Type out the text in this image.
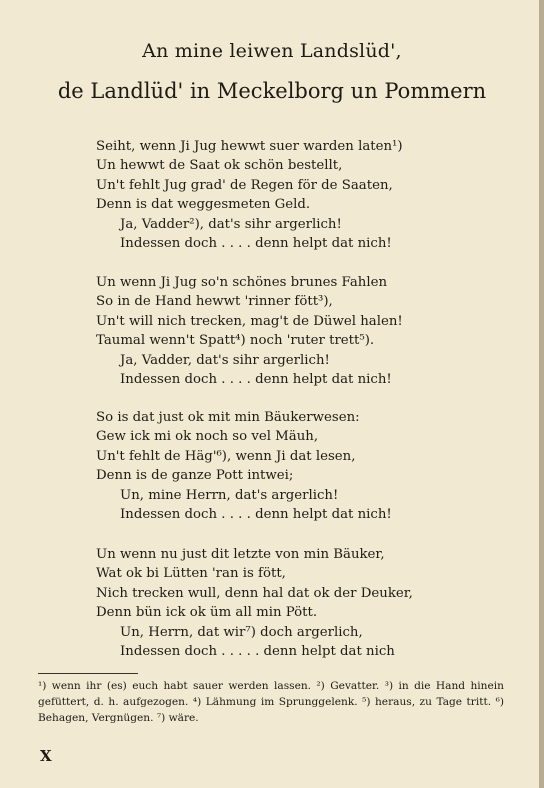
An mine leiwen Landslüd',
de Landlüd' in Meckelborg un Pommern
Seiht, wenn Ji Jug hewwt suer warden laten¹)
Un hewwt de Saat ok schön bestellt,
Un't fehlt Jug grad' de Regen för de Saaten,
Denn is dat weggesmeten Geld.
Ja, Vadder²), dat's sihr argerlich!
Indessen doch . . . . denn helpt dat nich!
Un wenn Ji Jug so'n schönes brunes Fahlen
So in de Hand hewwt 'rinner fött³),
Un't will nich trecken, mag't de Düwel halen!
Taumal wenn't Spatt⁴) noch 'ruter trett⁵).
Ja, Vadder, dat's sihr argerlich!
Indessen doch . . . . denn helpt dat nich!
So is dat just ok mit min Bäukerwesen:
Gew ick mi ok noch so vel Mäuh,
Un't fehlt de Häg'⁶), wenn Ji dat lesen,
Denn is de ganze Pott intwei;
Un, mine Herrn, dat's argerlich!
Indessen doch . . . . denn helpt dat nich!
Un wenn nu just dit letzte von min Bäuker,
Wat ok bi Lütten 'ran is fött,
Nich trecken wull, denn hal dat ok der Deuker,
Denn bün ick ok üm all min Pött.
Un, Herrn, dat wir⁷) doch argerlich,
Indessen doch . . . . . denn helpt dat nich
¹) wenn ihr (es) euch habt sauer werden lassen. ²) Gevatter. ³) in die Hand hinein gefüttert, d. h. aufgezogen. ⁴) Lähmung im Sprunggelenk. ⁵) heraus, zu Tage tritt. ⁶) Behagen, Vergnügen. ⁷) wäre.
X
